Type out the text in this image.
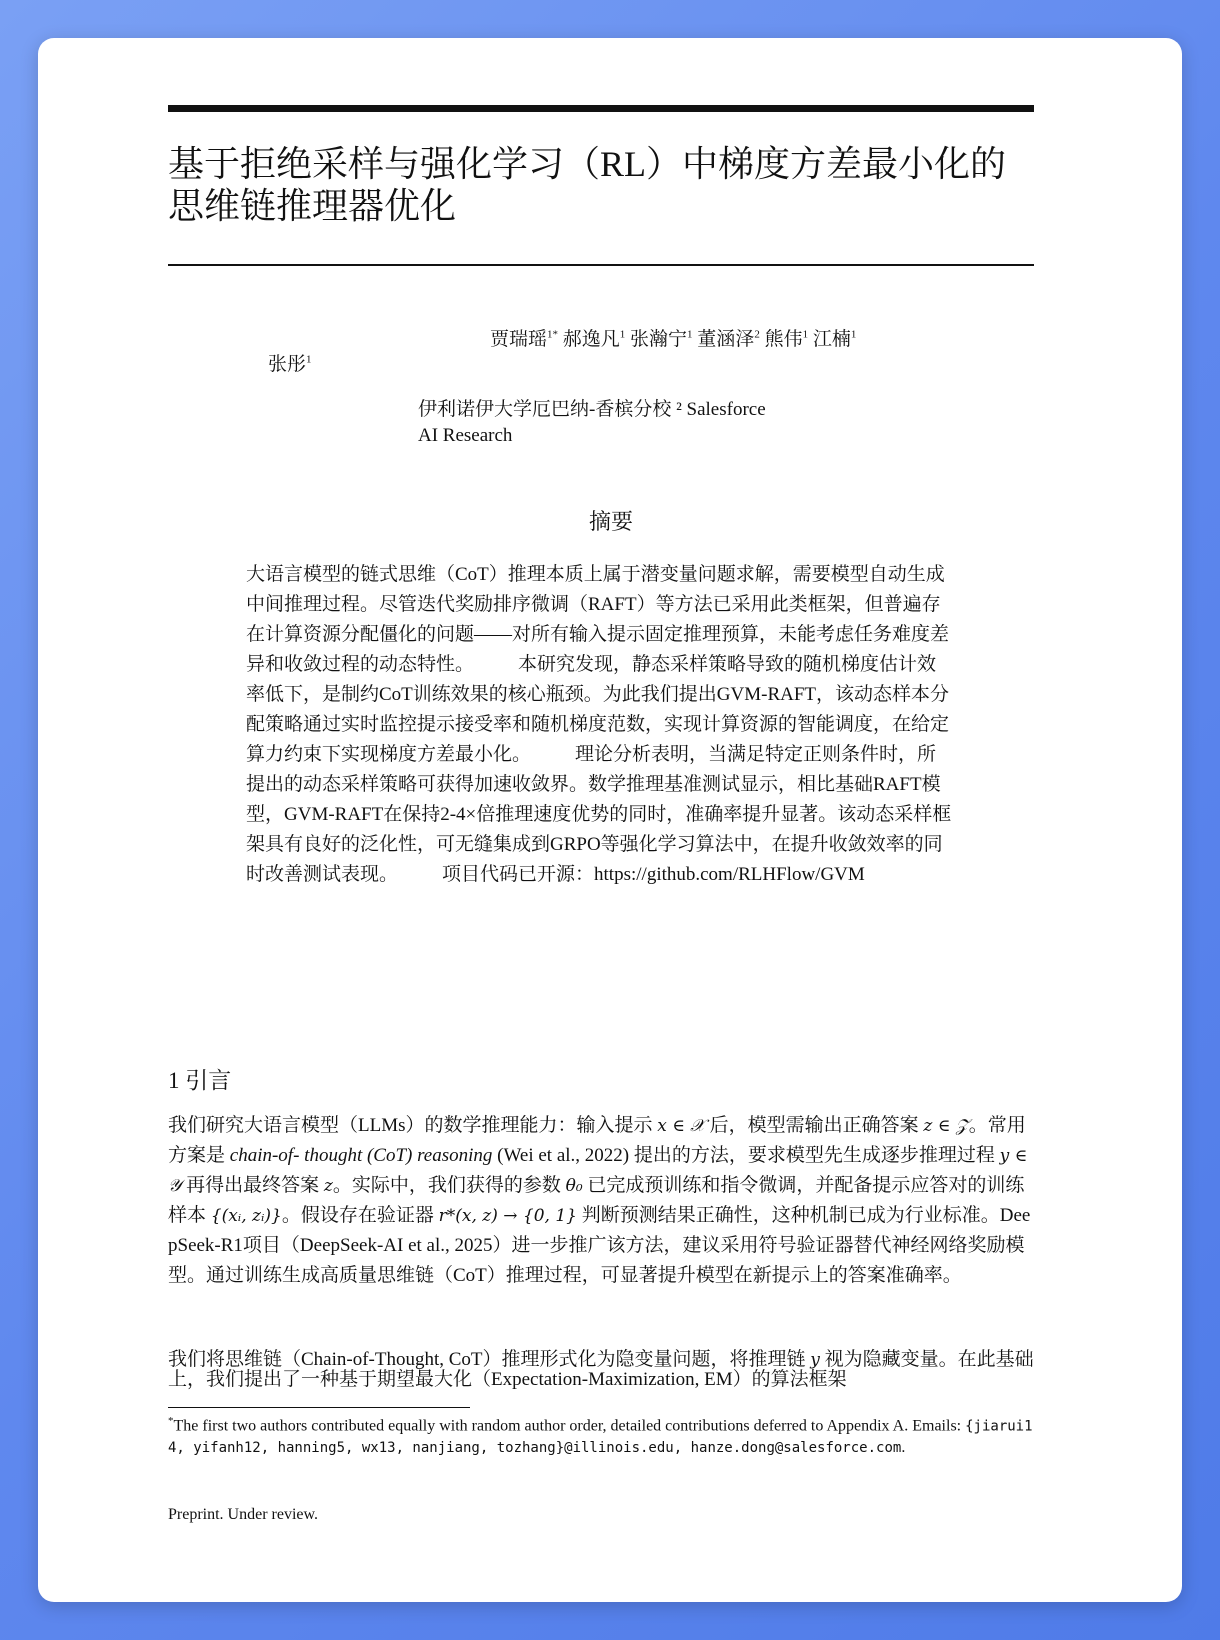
基于拒绝采样与强化学习（RL）中梯度方差最小化的思维链推理器优化
贾瑞瑶$^{1*}$ 郝逸凡$^1$ 张瀚宁$^1$ 董涵泽$^2$ 熊伟$^1$ 江楠$^1$
张彤$^1$
伊利诺伊大学厄巴纳-香槟分校 ² Salesforce AI Research
摘要

大语言模型的链式思维（CoT）推理本质上属于潜变量问题求解，需要模型自动生成中间推理过程。尽管迭代奖励排序微调（RAFT）等方法已采用此类框架，但普遍存在计算资源分配僵化的问题——对所有输入提示固定推理预算，未能考虑任务难度差异和收敛过程的动态特性。 本研究发现，静态采样策略导致的随机梯度估计效率低下，是制约CoT训练效果的核心瓶颈。为此我们提出GVM-RAFT，该动态样本分配策略通过实时监控提示接受率和随机梯度范数，实现计算资源的智能调度，在给定算力约束下实现梯度方差最小化。 理论分析表明，当满足特定正则条件时，所提出的动态采样策略可获得加速收敛界。数学推理基准测试显示，相比基础RAFT模型，GVM-RAFT在保持2-4×倍推理速度优势的同时，准确率提升显著。该动态采样框架具有良好的泛化性，可无缝集成到GRPO等强化学习算法中，在提升收敛效率的同时改善测试表现。 项目代码已开源：https://github.com/RLHFlow/GVM

1 引言

我们研究大语言模型（LLMs）的数学推理能力：输入提示 x ∈ 𝒳 后，模型需输出正确答案 z ∈ 𝒵。常用方案是 chain-of- thought (CoT) reasoning (Wei et al., 2022) 提出的方法，要求模型先生成逐步推理过程 y ∈ 𝒴 再得出最终答案 z。实际中，我们获得的参数 θ₀ 已完成预训练和指令微调，并配备提示应答对的训练样本 {(xᵢ, zᵢ)}。假设存在验证器 r*(x, z) → {0, 1} 判断预测结果正确性，这种机制已成为行业标准。DeepSeek-R1项目（DeepSeek-AI et al., 2025）进一步推广该方法，建议采用符号验证器替代神经网络奖励模型。通过训练生成高质量思维链（CoT）推理过程，可显著提升模型在新提示上的答案准确率。

我们将思维链（Chain-of-Thought, CoT）推理形式化为隐变量问题，将推理链 y 视为隐藏变量。在此基础上，我们提出了一种基于期望最大化（Expectation-Maximization, EM）的算法框架

*The first two authors contributed equally with random author order, detailed contributions deferred to Appendix A. Emails: {jiarui14, yifanh12, hanning5, wx13, nanjiang, tozhang}@illinois.edu, hanze.dong@salesforce.com.

Preprint. Under review.
